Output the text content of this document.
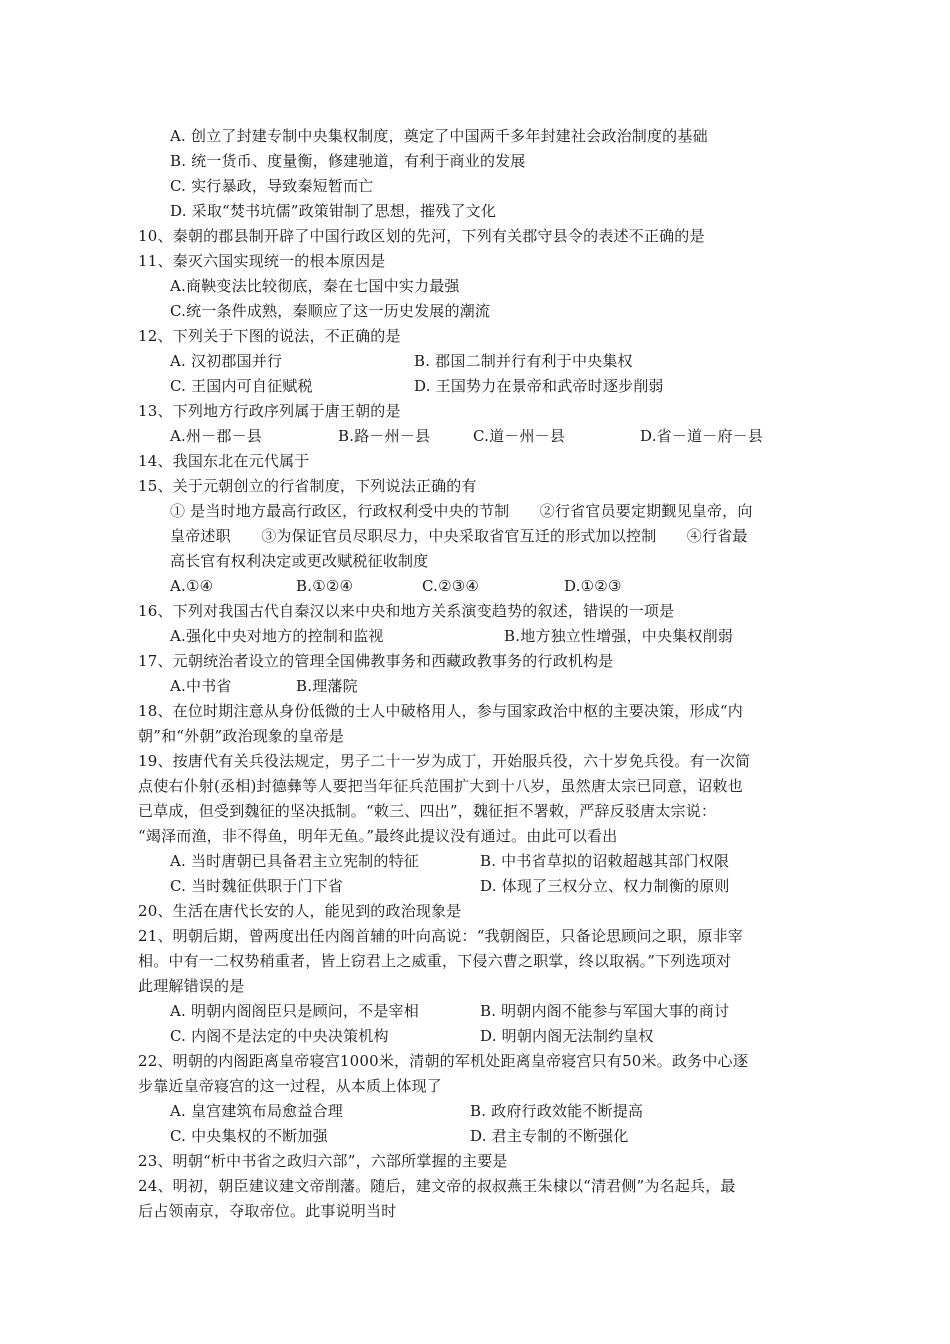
A. 创立了封建专制中央集权制度，奠定了中国两千多年封建社会政治制度的基础
B. 统一货币、度量衡，修建驰道，有利于商业的发展
C. 实行暴政，导致秦短暂而亡
D. 采取“焚书坑儒”政策钳制了思想，摧残了文化
10、秦朝的郡县制开辟了中国行政区划的先河，下列有关郡守县令的表述不正确的是
11、秦灭六国实现统一的根本原因是
A.商鞅变法比较彻底，秦在七国中实力最强
C.统一条件成熟，秦顺应了这一历史发展的潮流
12、下列关于下图的说法，不正确的是
A. 汉初郡国并行	B. 郡国二制并行有利于中央集权
C. 王国内可自征赋税	D. 王国势力在景帝和武帝时逐步削弱
13、下列地方行政序列属于唐王朝的是
A.州－郡－县	B.路－州－县	C.道－州－县	D.省－道－府－县
14、我国东北在元代属于
15、关于元朝创立的行省制度，下列说法正确的有
① 是当时地方最高行政区，行政权利受中央的节制　　②行省官员要定期觐见皇帝，向
皇帝述职　　③为保证官员尽职尽力，中央采取省官互迁的形式加以控制　　④行省最
高长官有权利决定或更改赋税征收制度
A.①④	B.①②④	C.②③④	D.①②③
16、下列对我国古代自秦汉以来中央和地方关系演变趋势的叙述，错误的一项是
A.强化中央对地方的控制和监视	B.地方独立性增强，中央集权削弱
17、元朝统治者设立的管理全国佛教事务和西藏政教事务的行政机构是
A.中书省	B.理藩院
18、在位时期注意从身份低微的士人中破格用人，参与国家政治中枢的主要决策，形成“内
朝”和“外朝”政治现象的皇帝是
19、按唐代有关兵役法规定，男子二十一岁为成丁，开始服兵役，六十岁免兵役。有一次简
点使右仆射(丞相)封德彝等人要把当年征兵范围扩大到十八岁，虽然唐太宗已同意，诏敕也
已草成，但受到魏征的坚决抵制。“敕三、四出”，魏征拒不署敕，严辞反驳唐太宗说：
“竭泽而渔，非不得鱼，明年无鱼。”最终此提议没有通过。由此可以看出
A. 当时唐朝已具备君主立宪制的特征	B. 中书省草拟的诏敕超越其部门权限
C. 当时魏征供职于门下省	D. 体现了三权分立、权力制衡的原则
20、生活在唐代长安的人，能见到的政治现象是
21、明朝后期，曾两度出任内阁首辅的叶向高说：“我朝阁臣，只备论思顾问之职，原非宰
相。中有一二权势稍重者，皆上窃君上之威重，下侵六曹之职掌，终以取祸。”下列选项对
此理解错误的是
A. 明朝内阁阁臣只是顾问，不是宰相	B. 明朝内阁不能参与军国大事的商讨
C. 内阁不是法定的中央决策机构	D. 明朝内阁无法制约皇权
22、明朝的内阁距离皇帝寝宫1000米，清朝的军机处距离皇帝寝宫只有50米。政务中心逐
步靠近皇帝寝宫的这一过程，从本质上体现了
A. 皇宫建筑布局愈益合理	B. 政府行政效能不断提高
C. 中央集权的不断加强	D. 君主专制的不断强化
23、明朝“析中书省之政归六部”，六部所掌握的主要是
24、明初，朝臣建议建文帝削藩。随后，建文帝的叔叔燕王朱棣以“清君侧”为名起兵，最
后占领南京，夺取帝位。此事说明当时
